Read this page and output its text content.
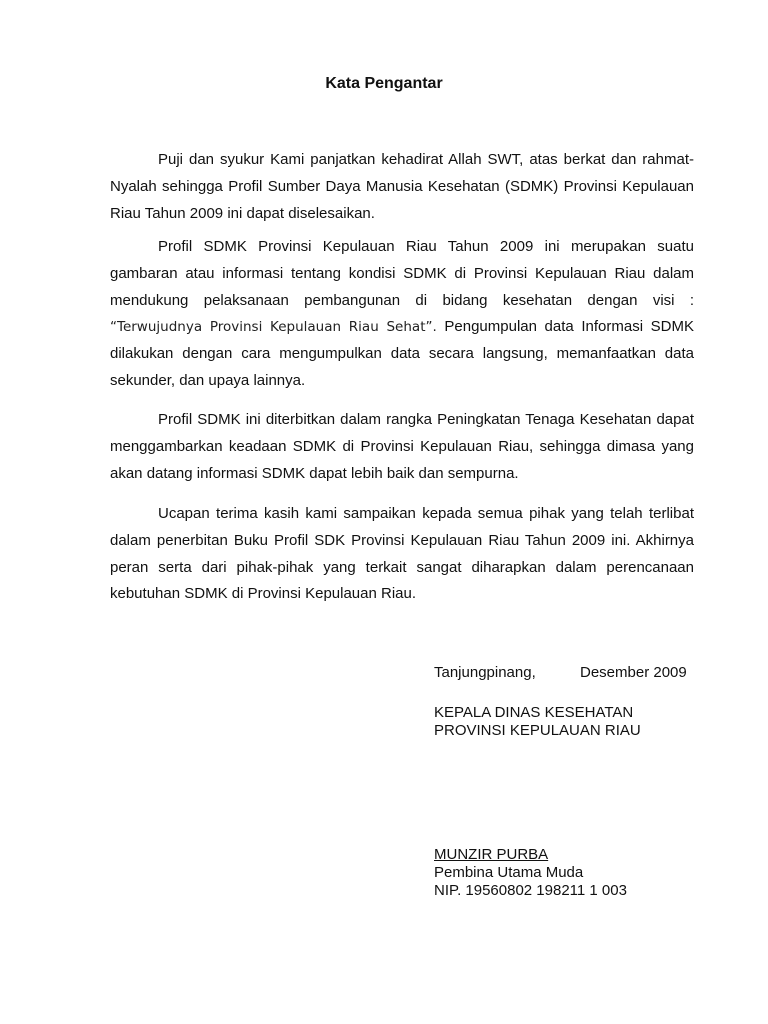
Kata Pengantar

Puji dan syukur Kami panjatkan kehadirat Allah SWT, atas berkat dan rahmat-Nyalah sehingga Profil Sumber Daya Manusia Kesehatan (SDMK) Provinsi Kepulauan Riau Tahun 2009 ini dapat diselesaikan.

Profil SDMK Provinsi Kepulauan Riau Tahun 2009 ini merupakan suatu gambaran atau informasi tentang kondisi SDMK di Provinsi Kepulauan Riau dalam mendukung pelaksanaan pembangunan di bidang kesehatan dengan visi : “Terwujudnya Provinsi Kepulauan Riau Sehat”. Pengumpulan data Informasi SDMK dilakukan dengan cara mengumpulkan data secara langsung, memanfaatkan data sekunder, dan upaya lainnya.

Profil SDMK ini diterbitkan dalam rangka Peningkatan Tenaga Kesehatan dapat menggambarkan keadaan SDMK di Provinsi Kepulauan Riau, sehingga dimasa yang akan datang informasi SDMK dapat lebih baik dan sempurna.

Ucapan terima kasih kami sampaikan kepada semua pihak yang telah terlibat dalam penerbitan Buku Profil SDK Provinsi Kepulauan Riau Tahun 2009 ini. Akhirnya peran serta dari pihak-pihak yang terkait sangat diharapkan dalam perencanaan kebutuhan SDMK di Provinsi Kepulauan Riau.

Tanjungpinang,	Desember 2009
KEPALA DINAS KESEHATAN
PROVINSI KEPULAUAN RIAU
MUNZIR PURBA
Pembina Utama Muda
NIP. 19560802 198211 1 003
